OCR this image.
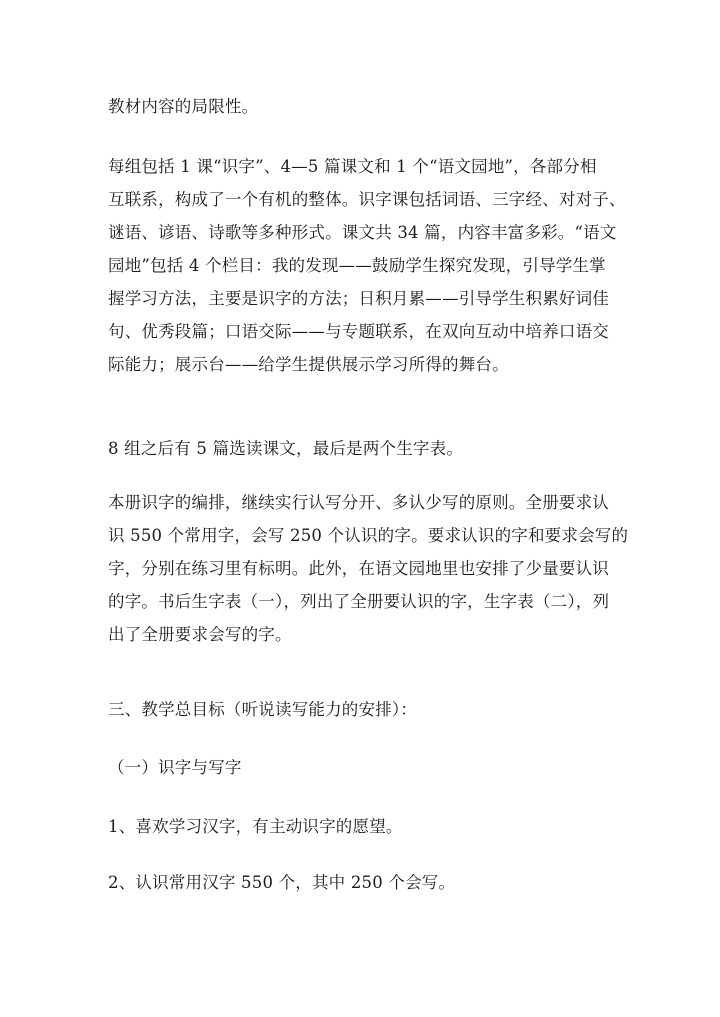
教材内容的局限性。
每组包括 1 课“识字”、4—5 篇课文和 1 个“语文园地”，各部分相
互联系，构成了一个有机的整体。识字课包括词语、三字经、对对子、
谜语、谚语、诗歌等多种形式。课文共 34 篇，内容丰富多彩。“语文
园地”包括 4 个栏目：我的发现——鼓励学生探究发现，引导学生掌
握学习方法，主要是识字的方法；日积月累——引导学生积累好词佳
句、优秀段篇；口语交际——与专题联系，在双向互动中培养口语交
际能力；展示台——给学生提供展示学习所得的舞台。
8 组之后有 5 篇选读课文，最后是两个生字表。
本册识字的编排，继续实行认写分开、多认少写的原则。全册要求认
识 550 个常用字，会写 250 个认识的字。要求认识的字和要求会写的
字，分别在练习里有标明。此外，在语文园地里也安排了少量要认识
的字。书后生字表（一），列出了全册要认识的字，生字表（二），列
出了全册要求会写的字。
三、教学总目标（听说读写能力的安排）：
（一）识字与写字
1、喜欢学习汉字，有主动识字的愿望。
2、认识常用汉字 550 个，其中 250 个会写。
